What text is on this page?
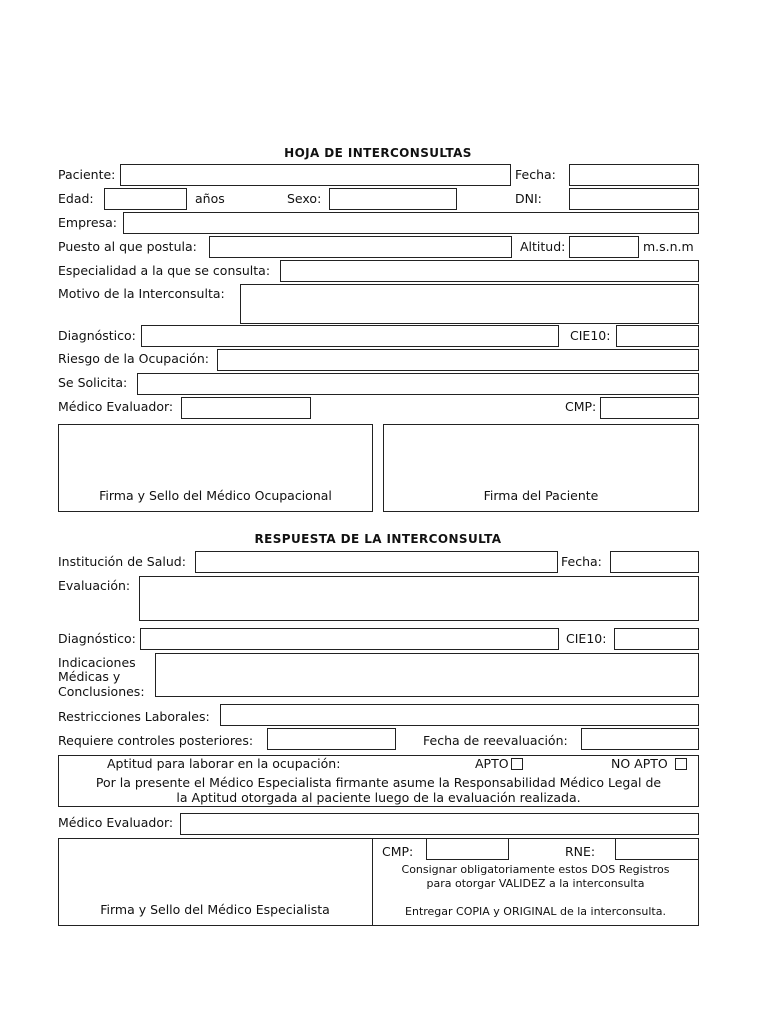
HOJA DE INTERCONSULTAS
Paciente:	Fecha:
Edad:	años	Sexo:	DNI:
Empresa:
Puesto al que postula:	Altitud:	m.s.n.m
Especialidad a la que se consulta:
Motivo de la Interconsulta:
Diagnóstico:	CIE10:
Riesgo de la Ocupación:
Se Solicita:
Médico Evaluador:	CMP:
Firma y Sello del Médico Ocupacional	Firma del Paciente
RESPUESTA DE LA INTERCONSULTA
Institución de Salud:	Fecha:
Evaluación:
Diagnóstico:	CIE10:
Indicaciones
Médicas y
Conclusiones:
Restricciones Laborales:
Requiere controles posteriores:	Fecha de reevaluación:
Aptitud para laborar en la ocupación:	APTO	NO APTO
Por la presente el Médico Especialista firmante asume la Responsabilidad Médico Legal de
la Aptitud otorgada al paciente luego de la evaluación realizada.
Médico Evaluador:
Firma y Sello del Médico Especialista
CMP:	RNE:
Consignar obligatoriamente estos DOS Registros
para otorgar VALIDEZ a la interconsulta
Entregar COPIA y ORIGINAL de la interconsulta.
